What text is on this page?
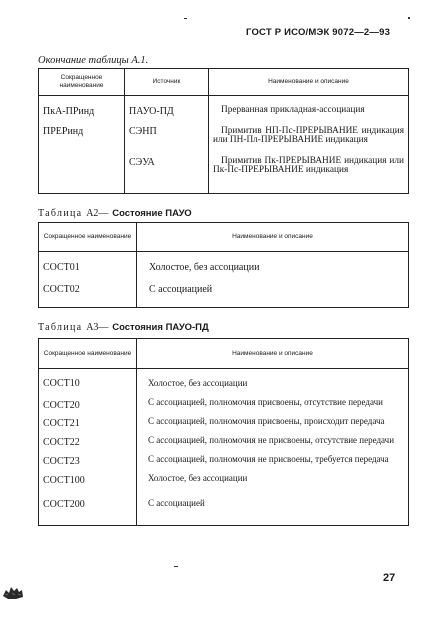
ГОСТ Р ИСО/МЭК 9072—2—93
Окончание таблицы А.1.
Сокращенное наименование	Источник	Наименование и описание
ПкА-ПРинд	ПАУО-ПД	Прерванная прикладная-ассоциация

ПРЕРинд	СЭНП	Примитив НП-Пс-ПРЕРЫВАНИЕ индикация или ПН-Пл-ПРЕРЫВАНИЕ индикация

	СЭУА	Примитив Пк-ПРЕРЫВАНИЕ индикация или Пк-Пс-ПРЕРЫВАНИЕ индикация
Таблица А2— Состояние ПАУО
Сокращенное наименование	Наименование и описание
СОСТ01	Холостое, без ассоциации

СОСТ02	С ассоциацией
Таблица А3— Состояния ПАУО-ПД
Сокращенное наименование	Наименование и описание
СОСТ10	Холостое, без ассоциации

СОСТ20	С ассоциацией, полномочия присвоены, отсутствие передачи

СОСТ21	С ассоциацией, полномочия присвоены, происходит передача

СОСТ22	С ассоциацией, полномочия не присвоены, отсутствие передачи

СОСТ23	С ассоциацией, полномочия не присвоены, требуется передача

СОСТ100	Холостое, без ассоциации

СОСТ200	С ассоциацией
27
